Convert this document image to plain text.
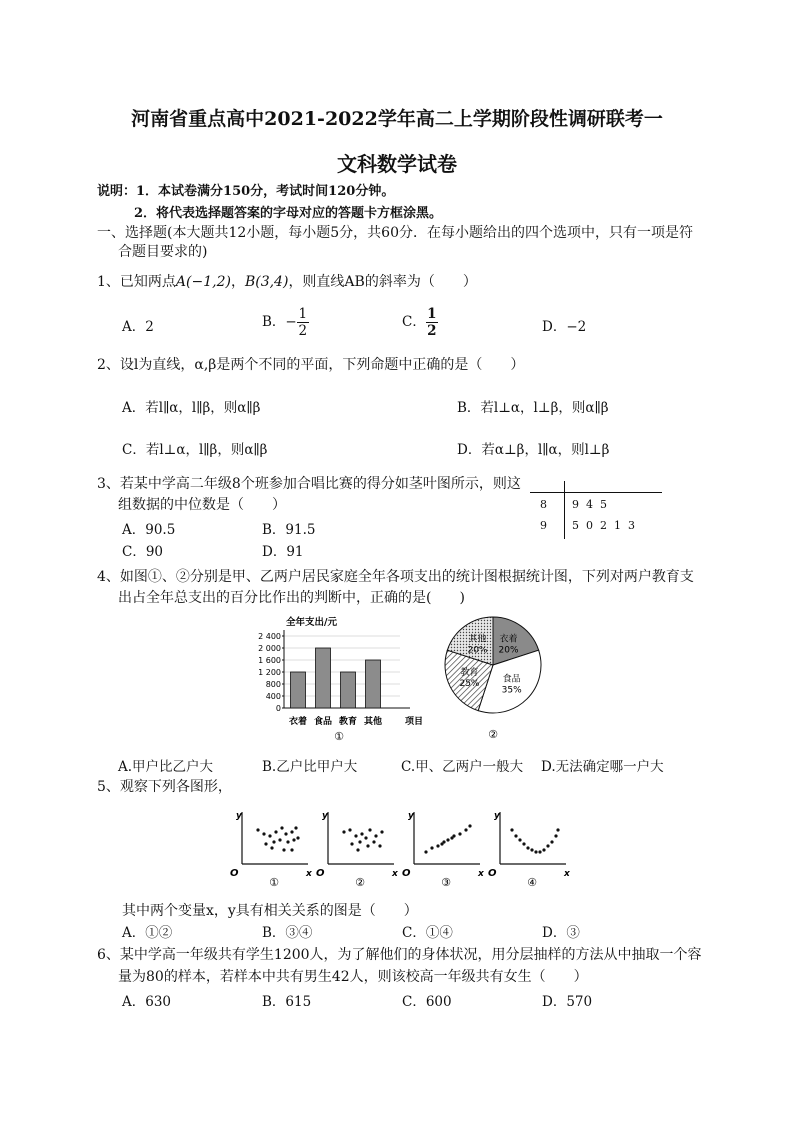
河南省重点高中2021-2022学年高二上学期阶段性调研联考一
文科数学试卷
说明：1．本试卷满分150分，考试时间120分钟。
2．将代表选择题答案的字母对应的答题卡方框涂黑。
一、选择题(本大题共12小题，每小题5分，共60分．在每小题给出的四个选项中，只有一项是符
合题目要求的)
1、已知两点A(−1,2)，B(3,4)，则直线AB的斜率为（　　）
A．2	B．− $\frac{1}{2}$	C． $\frac{1}{2}$	D．−2
2、设l为直线，α,β是两个不同的平面，下列命题中正确的是（　　）
A．若l∥α，l∥β，则α∥β	B．若l⊥α，l⊥β，则α∥β
C．若l⊥α，l∥β，则α∥β	D．若α⊥β，l∥α，则l⊥β
3、若某中学高二年级8个班参加合唱比赛的得分如茎叶图所示，则这
组数据的中位数是（　　）
A．90.5	B．91.5
C．90	D．91
8 9  4  5
9 5  0  2  1  3
4、如图①、②分别是甲、乙两户居民家庭全年各项支出的统计图根据统计图，下列对两户教育支
出占全年总支出的百分比作出的判断中，正确的是(　　)
全年支出/元
2 400
2 000
1 600
1 200
800
400
0
衣着 食品 教育 其他	项目
①
衣着
20%
食品
35%
教育
25%
其他
20%
②
A.甲户比乙户大	B.乙户比甲户大	C.甲、乙两户一般大 D.无法确定哪一户大
5、观察下列各图形，
y
x
O
①
y
x
O
②
y
x
O
③
y
x
O
④
其中两个变量x，y具有相关关系的图是（　　）
A．①②	B．③④	C．①④	D．③
6、某中学高一年级共有学生1200人，为了解他们的身体状况，用分层抽样的方法从中抽取一个容
量为80的样本，若样本中共有男生42人，则该校高一年级共有女生（　　）
A．630	B．615	C．600	D．570
